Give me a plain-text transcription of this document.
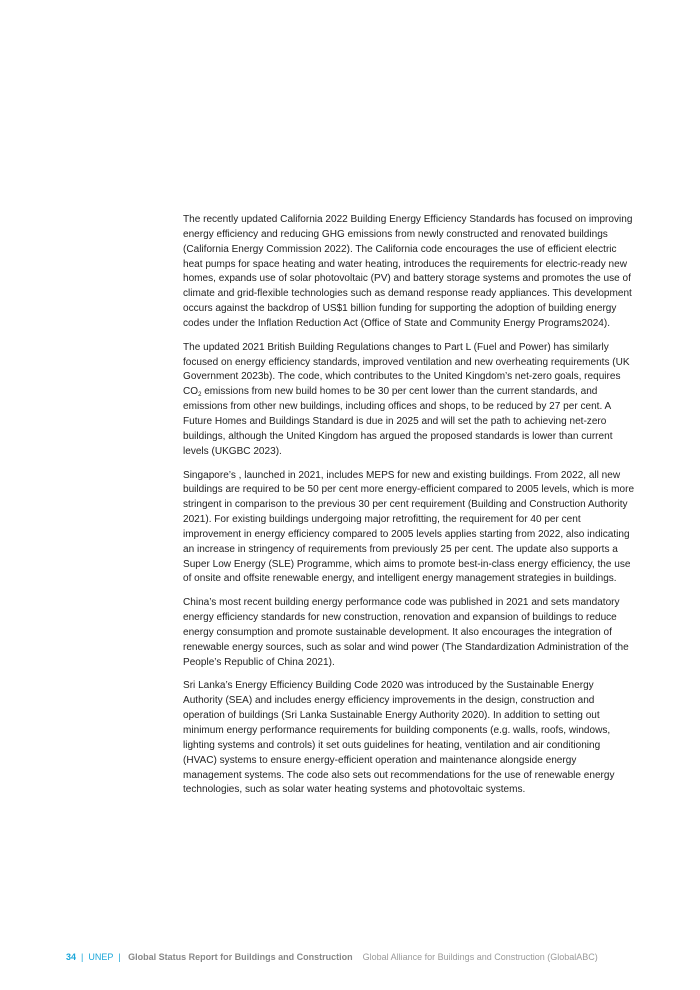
The recently updated California 2022 Building Energy Efficiency Standards has focused on improving energy efficiency and reducing GHG emissions from newly constructed and renovated buildings (California Energy Commission 2022). The California code encourages the use of efficient electric heat pumps for space heating and water heating, introduces the requirements for electric-ready new homes, expands use of solar photovoltaic (PV) and battery storage systems and promotes the use of climate and grid-flexible technologies such as demand response ready appliances. This development occurs against the backdrop of US$1 billion funding for supporting the adoption of building energy codes under the Inflation Reduction Act (Office of State and Community Energy Programs2024).

The updated 2021 British Building Regulations changes to Part L (Fuel and Power) has similarly focused on energy efficiency standards, improved ventilation and new overheating requirements (UK Government 2023b). The code, which contributes to the United Kingdom’s net-zero goals, requires $CO_2$ emissions from new build homes to be 30 per cent lower than the current standards, and emissions from other new buildings, including offices and shops, to be reduced by 27 per cent. A Future Homes and Buildings Standard is due in 2025 and will set the path to achieving net-zero buildings, although the United Kingdom has argued the proposed standards is lower than current levels (UKGBC 2023).

Singapore’s , launched in 2021, includes MEPS for new and existing buildings. From 2022, all new buildings are required to be 50 per cent more energy-efficient compared to 2005 levels, which is more stringent in comparison to the previous 30 per cent requirement (Building and Construction Authority 2021). For existing buildings undergoing major retrofitting, the requirement for 40 per cent improvement in energy efficiency compared to 2005 levels applies starting from 2022, also indicating an increase in stringency of requirements from previously 25 per cent. The update also supports a Super Low Energy (SLE) Programme, which aims to promote best-in-class energy efficiency, the use of onsite and offsite renewable energy, and intelligent energy management strategies in buildings.

China’s most recent building energy performance code was published in 2021 and sets mandatory energy efficiency standards for new construction, renovation and expansion of buildings to reduce energy consumption and promote sustainable development. It also encourages the integration of renewable energy sources, such as solar and wind power (The Standardization Administration of the People’s Republic of China 2021).

Sri Lanka’s Energy Efficiency Building Code 2020 was introduced by the Sustainable Energy Authority (SEA) and includes energy efficiency improvements in the design, construction and operation of buildings (Sri Lanka Sustainable Energy Authority 2020). In addition to setting out minimum energy performance requirements for building components (e.g. walls, roofs, windows, lighting systems and controls) it set outs guidelines for heating, ventilation and air conditioning (HVAC) systems to ensure energy-efficient operation and maintenance alongside energy management systems. The code also sets out recommendations for the use of renewable energy technologies, such as solar water heating systems and photovoltaic systems.

34 | UNEP | Global Status Report for Buildings and Construction Global Alliance for Buildings and Construction (GlobalABC)
